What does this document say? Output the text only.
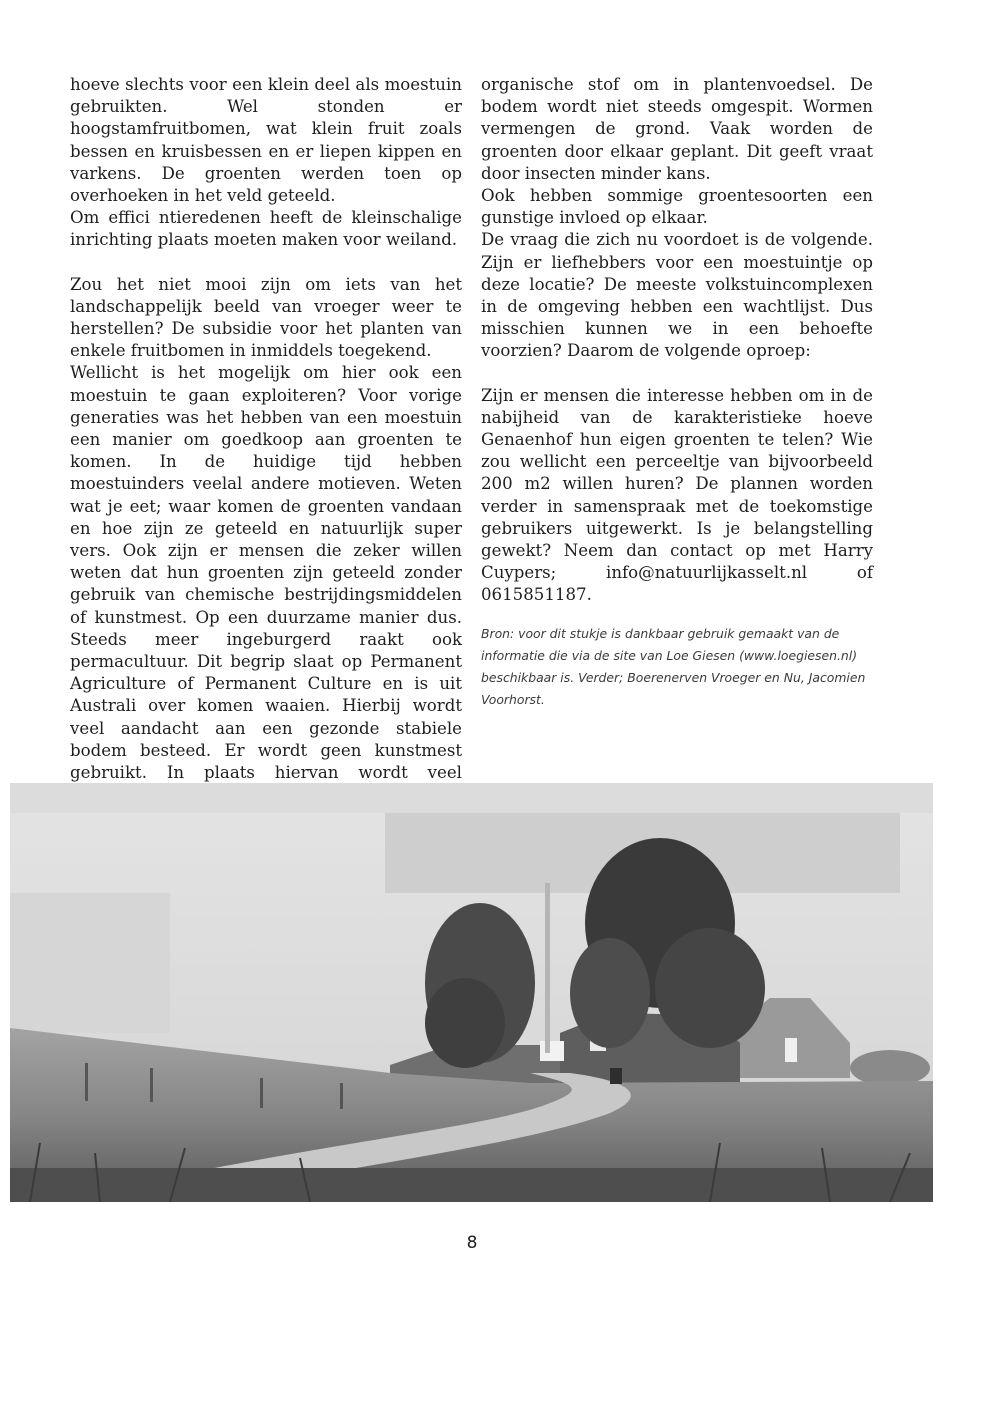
hoeve slechts voor een klein deel als moestuin gebruikten. Wel stonden er hoogstamfruitbomen, wat klein fruit zoals bessen en kruisbessen en er liepen kippen en varkens. De groenten werden toen op overhoeken in het veld geteeld.

Om effici ntieredenen heeft de kleinschalige inrichting plaats moeten maken voor weiland.

Zou het niet mooi zijn om iets van het landschappelijk beeld van vroeger weer te herstellen? De subsidie voor het planten van enkele fruitbomen in inmiddels toegekend.

Wellicht is het mogelijk om hier ook een moestuin te gaan exploiteren? Voor vorige generaties was het hebben van een moestuin een manier om goedkoop aan groenten te komen. In de huidige tijd hebben moestuinders veelal andere motieven. Weten wat je eet; waar komen de groenten vandaan en hoe zijn ze geteeld en natuurlijk super vers. Ook zijn er mensen die zeker willen weten dat hun groenten zijn geteeld zonder gebruik van chemische bestrijdingsmiddelen of kunstmest. Op een duurzame manier dus. Steeds meer ingeburgerd raakt ook permacultuur. Dit begrip slaat op Permanent Agriculture of Permanent Culture en is uit Australi over komen waaien. Hierbij wordt veel aandacht aan een gezonde stabiele bodem besteed. Er wordt geen kunstmest gebruikt. In plaats hiervan wordt veel

organische stof om in plantenvoedsel. De bodem wordt niet steeds omgespit. Wormen vermengen de grond. Vaak worden de groenten door elkaar geplant. Dit geeft vraat door insecten minder kans.

Ook hebben sommige groentesoorten een gunstige invloed op elkaar.

De vraag die zich nu voordoet is de volgende. Zijn er liefhebbers voor een moestuintje op deze locatie? De meeste volkstuincomplexen in de omgeving hebben een wachtlijst. Dus misschien kunnen we in een behoefte voorzien? Daarom de volgende oproep:

Zijn er mensen die interesse hebben om in de nabijheid van de karakteristieke hoeve Genaenhof hun eigen groenten te telen? Wie zou wellicht een perceeltje van bijvoorbeeld 200 m2 willen huren? De plannen worden verder in samenspraak met de toekomstige gebruikers uitgewerkt. Is je belangstelling gewekt? Neem dan contact op met Harry Cuypers; info@natuurlijkasselt.nl of 0615851187.

Bron: voor dit stukje is dankbaar gebruik gemaakt van de informatie die via de site van Loe Giesen (www.loegiesen.nl) beschikbaar is. Verder; Boerenerven Vroeger en Nu, Jacomien Voorhorst.

8
